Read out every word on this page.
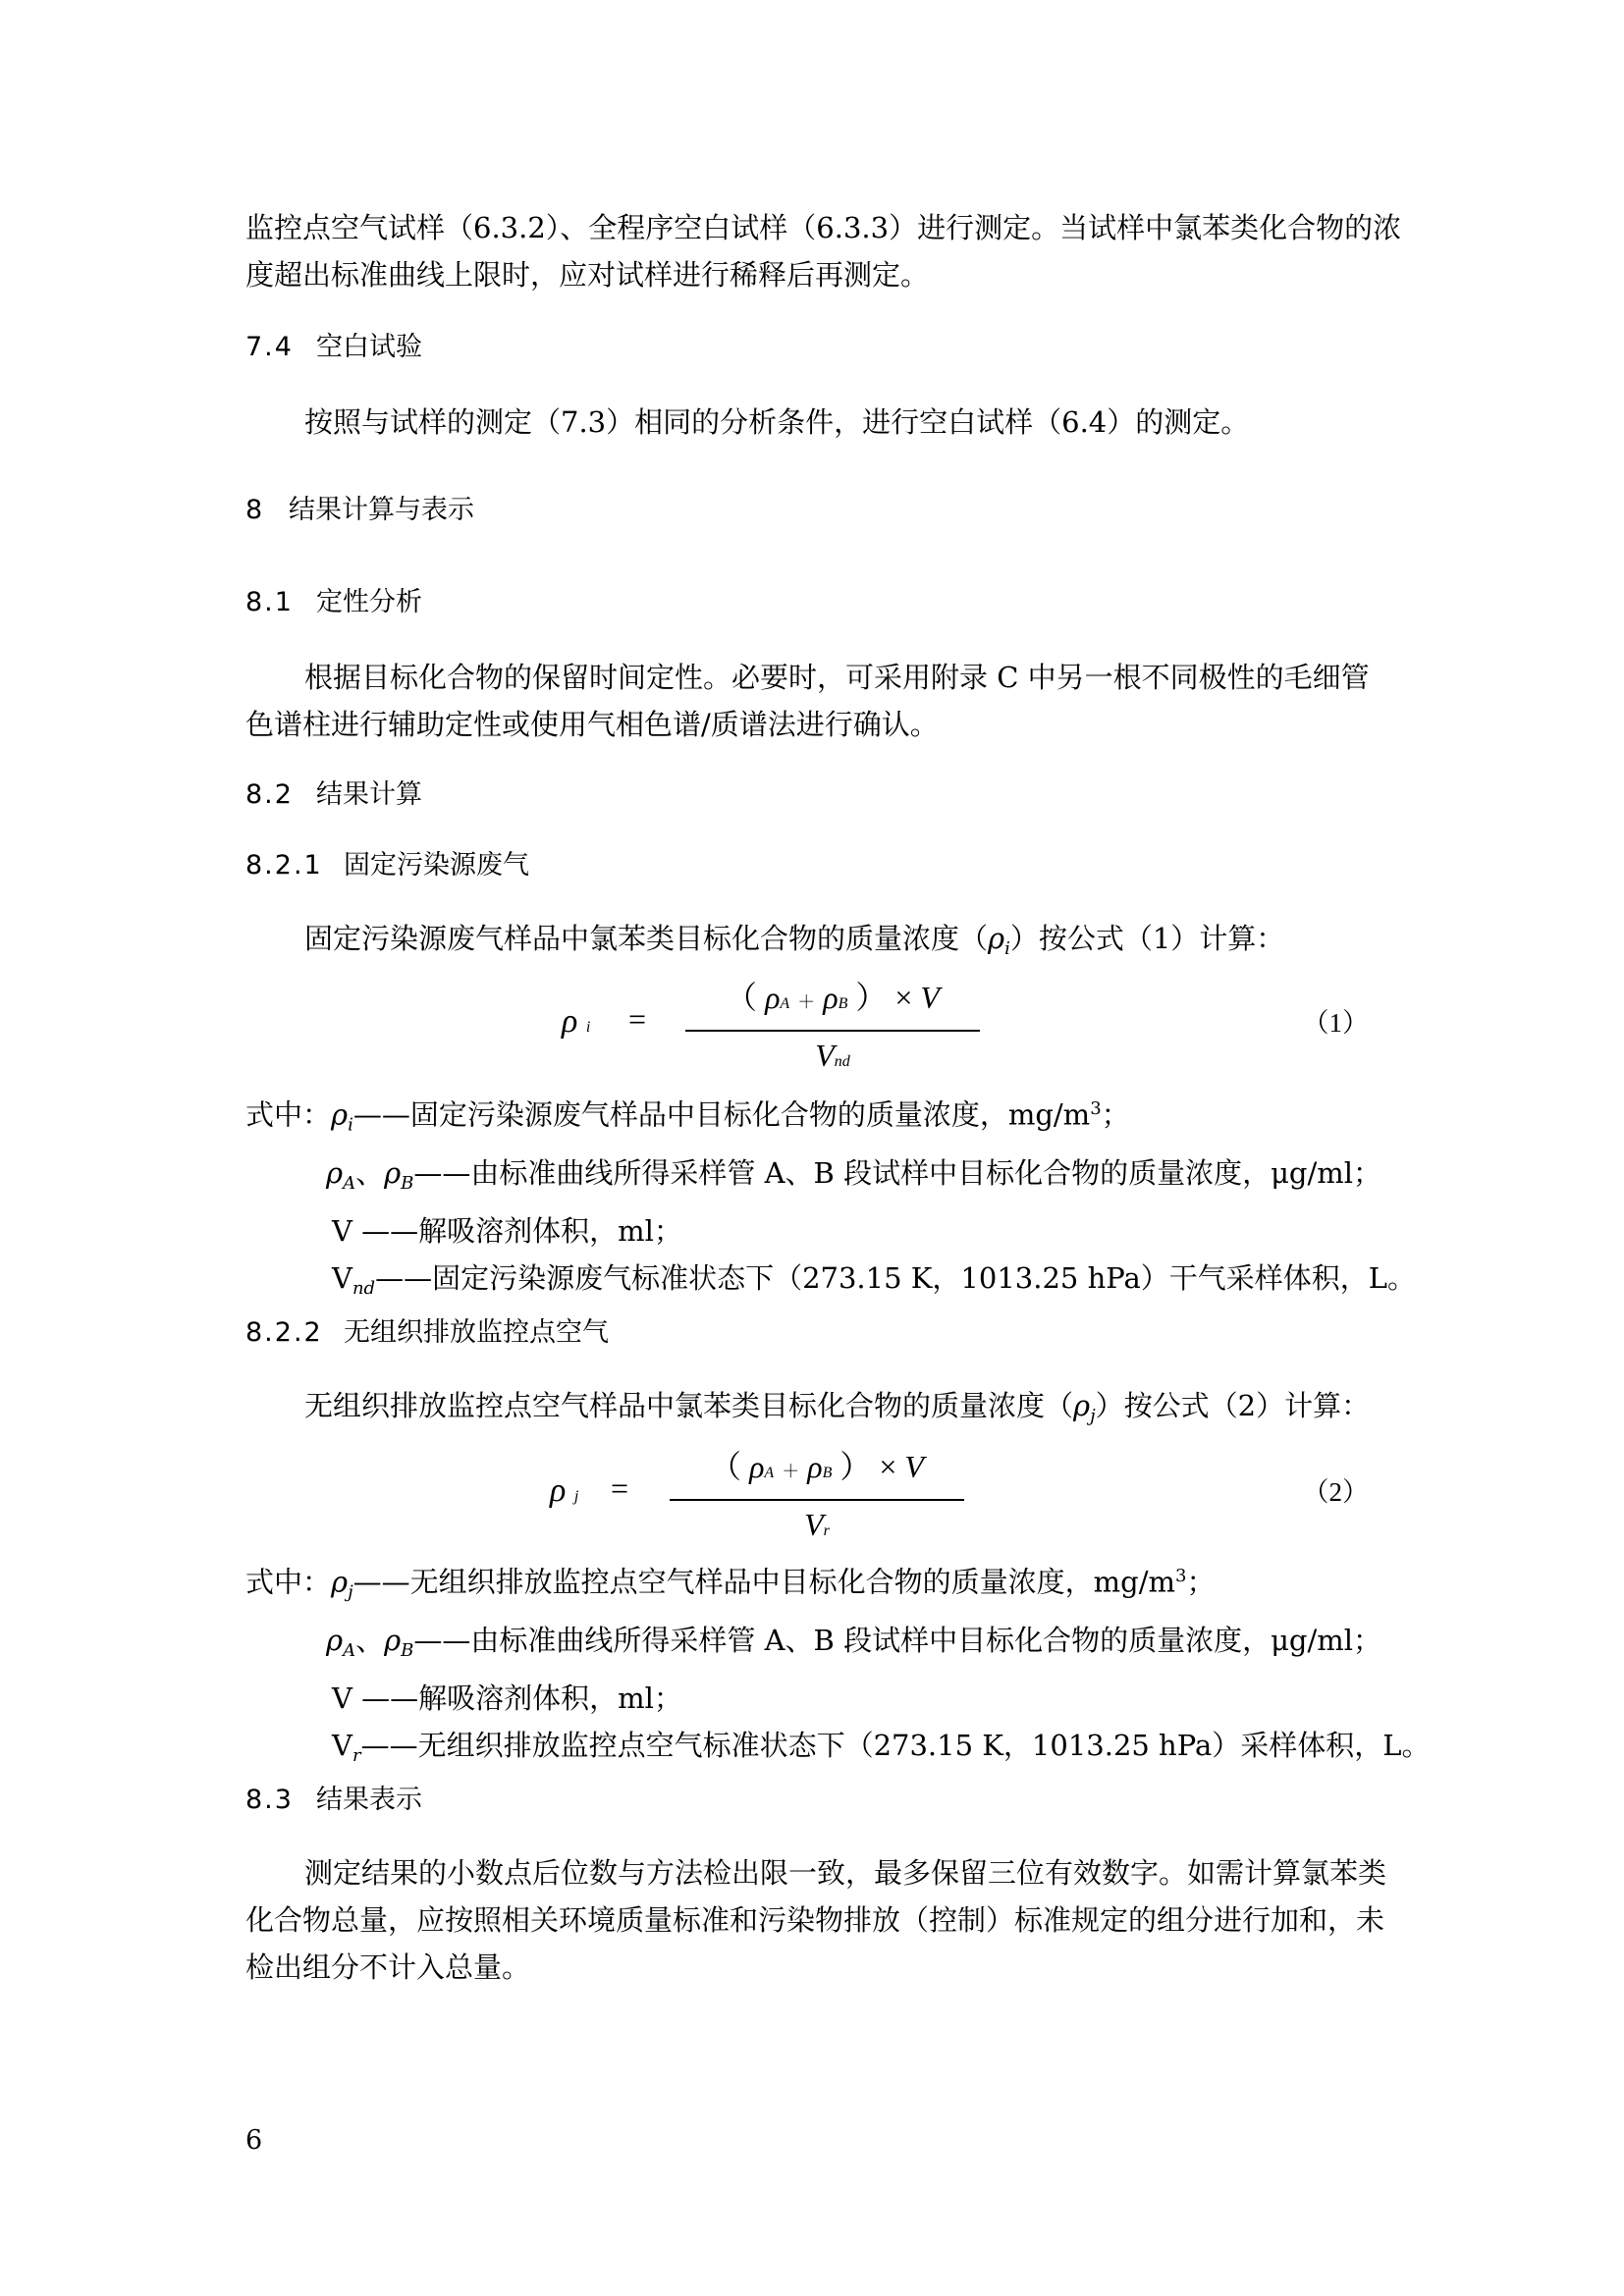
监控点空气试样（6.3.2）、全程序空白试样（6.3.3）进行测定。当试样中氯苯类化合物的浓

度超出标准曲线上限时，应对试样进行稀释后再测定。

7.4 空白试验

按照与试样的测定（7.3）相同的分析条件，进行空白试样（6.4）的测定。

8 结果计算与表示
8.1 定性分析

根据目标化合物的保留时间定性。必要时，可采用附录 C 中另一根不同极性的毛细管

色谱柱进行辅助定性或使用气相色谱/质谱法进行确认。

8.2 结果计算
8.2.1 固定污染源废气

固定污染源废气样品中氯苯类目标化合物的质量浓度$(\rho_i)$按公式（1）计算：

ρ i =
（ ρA ＋ ρB ） × V
Vnd
（1）
式中：$\rho_i——$固定污染源废气样品中目标化合物的质量浓度，$mg/m^3$；
$\rho_A$、$\rho_B——$由标准曲线所得采样管 A、B 段试样中目标化合物的质量浓度，μg/ml；
V ——解吸溶剂体积，ml；
$V_{nd}——$固定污染源废气标准状态下（273.15 K，1013.25 hPa）干气采样体积，L。
8.2.2 无组织排放监控点空气

无组织排放监控点空气样品中氯苯类目标化合物的质量浓度$(\rho_j)$按公式（2）计算：

ρ j =
（ ρA ＋ ρB ） × V
Vr
（2）
式中：$\rho_j——$无组织排放监控点空气样品中目标化合物的质量浓度，$mg/m^3$；
$\rho_A$、$\rho_B——$由标准曲线所得采样管 A、B 段试样中目标化合物的质量浓度，μg/ml；
V ——解吸溶剂体积，ml；
$V_r——$无组织排放监控点空气标准状态下（273.15 K，1013.25 hPa）采样体积，L。
8.3 结果表示

测定结果的小数点后位数与方法检出限一致，最多保留三位有效数字。如需计算氯苯类

化合物总量，应按照相关环境质量标准和污染物排放（控制）标准规定的组分进行加和，未

检出组分不计入总量。

6
